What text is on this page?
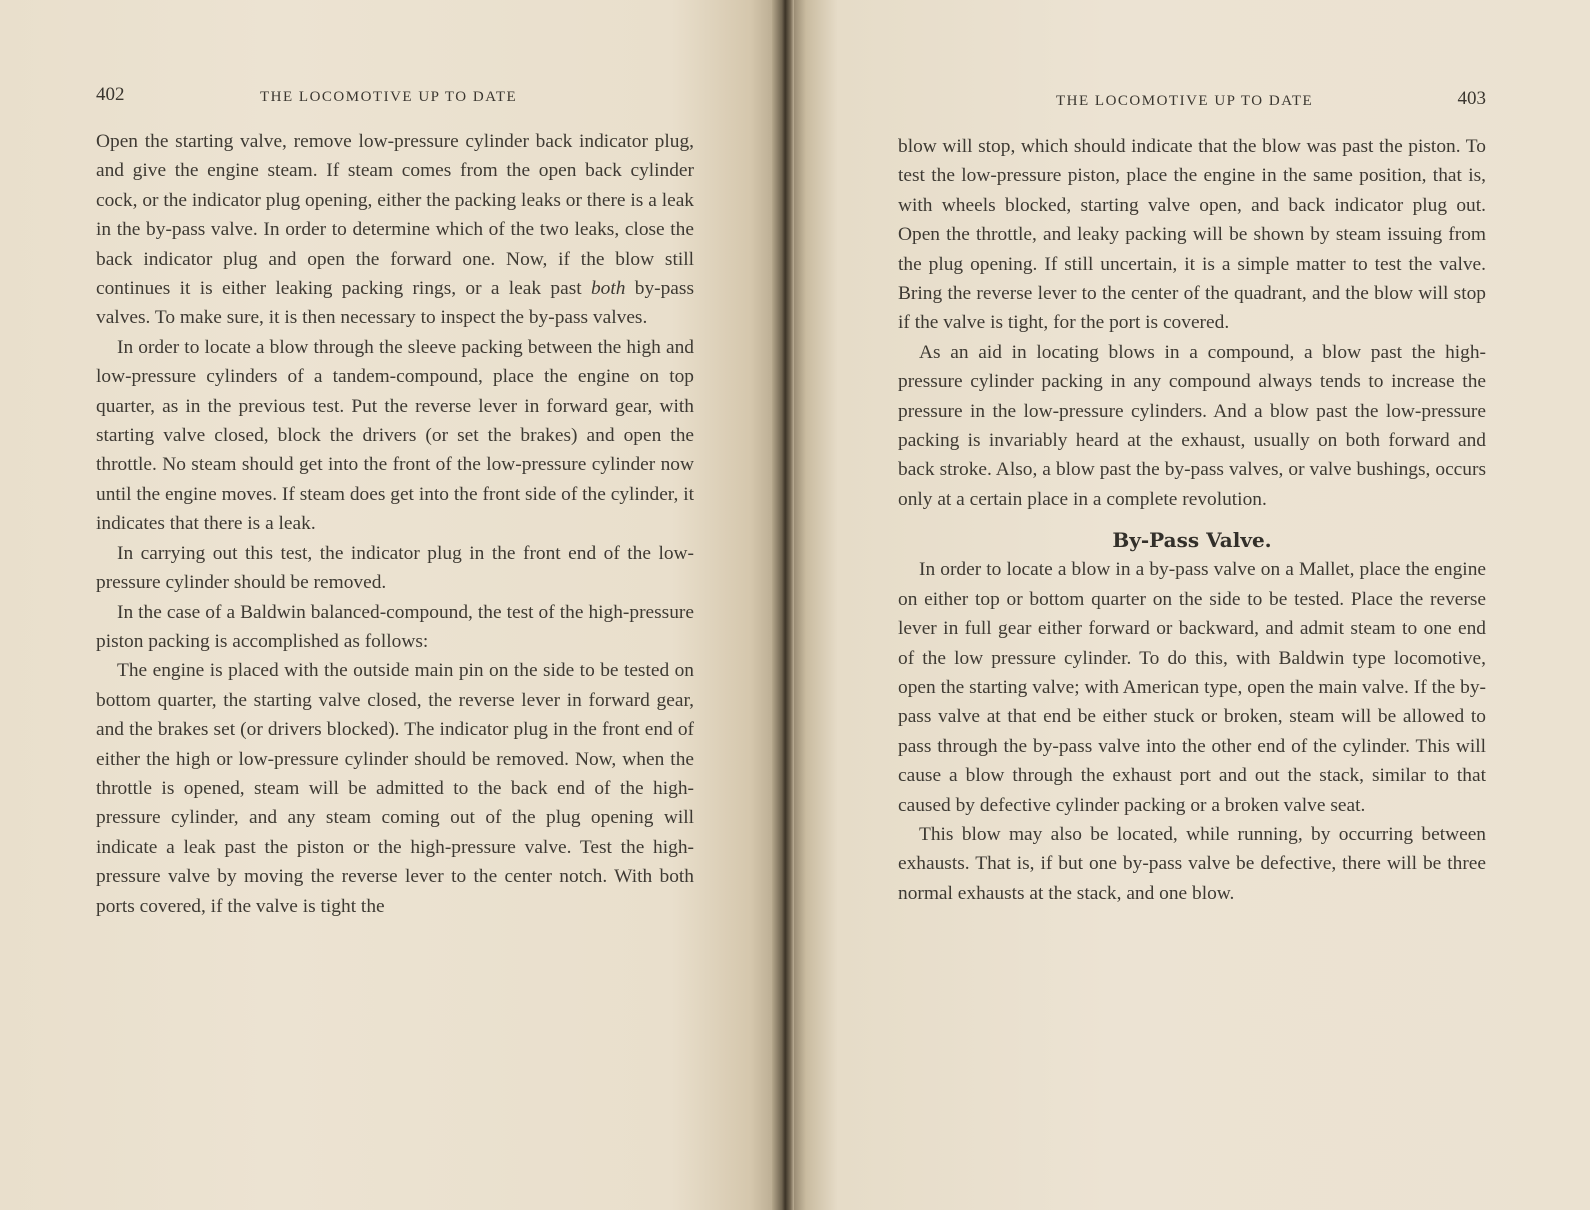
402	THE LOCOMOTIVE UP TO DATE

Open the starting valve, remove low-pressure cylinder back indicator plug, and give the engine steam. If steam comes from the open back cylinder cock, or the indicator plug opening, either the packing leaks or there is a leak in the by-pass valve. In order to determine which of the two leaks, close the back indicator plug and open the forward one. Now, if the blow still continues it is either leaking packing rings, or a leak past both by-pass valves. To make sure, it is then necessary to inspect the by-pass valves.

In order to locate a blow through the sleeve packing between the high and low-pressure cylinders of a tandem-compound, place the engine on top quarter, as in the previous test. Put the reverse lever in forward gear, with starting valve closed, block the drivers (or set the brakes) and open the throttle. No steam should get into the front of the low-pressure cylinder now until the engine moves. If steam does get into the front side of the cylinder, it indicates that there is a leak.

In carrying out this test, the indicator plug in the front end of the low-pressure cylinder should be removed.

In the case of a Baldwin balanced-compound, the test of the high-pressure piston packing is accomplished as follows:

The engine is placed with the outside main pin on the side to be tested on bottom quarter, the starting valve closed, the reverse lever in forward gear, and the brakes set (or drivers blocked). The indicator plug in the front end of either the high or low-pressure cylinder should be removed. Now, when the throttle is opened, steam will be admitted to the back end of the high-pressure cylinder, and any steam coming out of the plug opening will indicate a leak past the piston or the high-pressure valve. Test the high-pressure valve by moving the reverse lever to the center notch. With both ports covered, if the valve is tight the

THE LOCOMOTIVE UP TO DATE	403

blow will stop, which should indicate that the blow was past the piston. To test the low-pressure piston, place the engine in the same position, that is, with wheels blocked, starting valve open, and back indicator plug out. Open the throttle, and leaky packing will be shown by steam issuing from the plug opening. If still uncertain, it is a simple matter to test the valve. Bring the reverse lever to the center of the quadrant, and the blow will stop if the valve is tight, for the port is covered.

As an aid in locating blows in a compound, a blow past the high-pressure cylinder packing in any compound always tends to increase the pressure in the low-pressure cylinders. And a blow past the low-pressure packing is invariably heard at the exhaust, usually on both forward and back stroke. Also, a blow past the by-pass valves, or valve bushings, occurs only at a certain place in a complete revolution.

By-Pass Valve.

In order to locate a blow in a by-pass valve on a Mallet, place the engine on either top or bottom quarter on the side to be tested. Place the reverse lever in full gear either forward or backward, and admit steam to one end of the low pressure cylinder. To do this, with Baldwin type locomotive, open the starting valve; with American type, open the main valve. If the by-pass valve at that end be either stuck or broken, steam will be allowed to pass through the by-pass valve into the other end of the cylinder. This will cause a blow through the exhaust port and out the stack, similar to that caused by defective cylinder packing or a broken valve seat.

This blow may also be located, while running, by occurring between exhausts. That is, if but one by-pass valve be defective, there will be three normal exhausts at the stack, and one blow.
